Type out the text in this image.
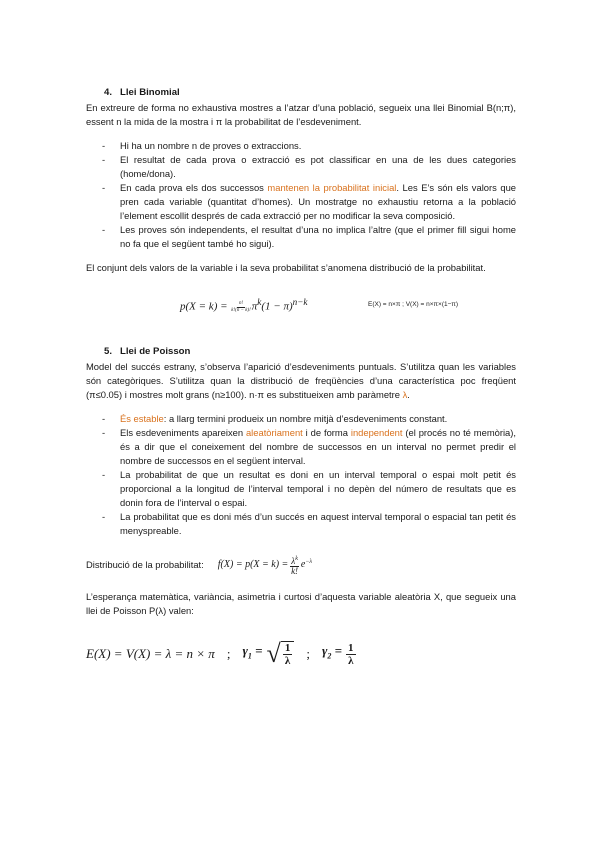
4. Llei Binomial

En extreure de forma no exhaustiva mostres a l’atzar d’una població, segueix una llei Binomial B(n;π), essent n la mida de la mostra i π la probabilitat de l’esdeveniment.

- Hi ha un nombre n de proves o extraccions.
- El resultat de cada prova o extracció es pot classificar en una de les dues categories (home/dona).
- En cada prova els dos successos mantenen la probabilitat inicial. Les E’s són els valors que pren cada variable (quantitat d’homes). Un mostratge no exhaustiu retorna a la població l’element escollit després de cada extracció per no modificar la seva composició.
- Les proves són independents, el resultat d’una no implica l’altre (que el primer fill sigui home no fa que el següent també ho sigui).

El conjunt dels valors de la variable i la seva probabilitat s’anomena distribució de la probabilitat.

$p(X = k) = \frac{n!}{k!(n - k)!} \pi^k(1 - \pi)^{n-k}$	E(X) = n×π ; V(X) = n×π×(1−π)
5. Llei de Poisson

Model del succés estrany, s’observa l’aparició d’esdeveniments puntuals. S’utilitza quan les variables són categòriques. S’utilitza quan la distribució de freqüències d’una característica poc freqüent (π≤0.05) i mostres molt grans (n≥100). n·π es substitueixen amb paràmetre λ.

- És estable: a llarg termini produeix un nombre mitjà d’esdeveniments constant.
- Els esdeveniments apareixen aleatòriament i de forma independent (el procés no té memòria), és a dir que el coneixement del nombre de successos en un interval no permet predir el nombre de successos en el següent interval.
- La probabilitat de que un resultat es doni en un interval temporal o espai molt petit és proporcional a la longitud de l’interval temporal i no depèn del número de resultats que es donin fora de l’interval o espai.
- La probabilitat que es doni més d’un succés en aquest interval temporal o espacial tan petit és menyspreable.
Distribució de la probabilitat: $f(X) = p(X = k) = \frac{\lambda^k}{k!} e^{-\lambda}$

L’esperança matemàtica, variància, asimetria i curtosi d’aquesta variable aleatòria X, que segueix una llei de Poisson P(λ) valen:

E(X) = V(X) = λ = n × π ; $\gamma_1$ = √ 1
λ ; $\gamma_2 = \frac{1}{\lambda}$
